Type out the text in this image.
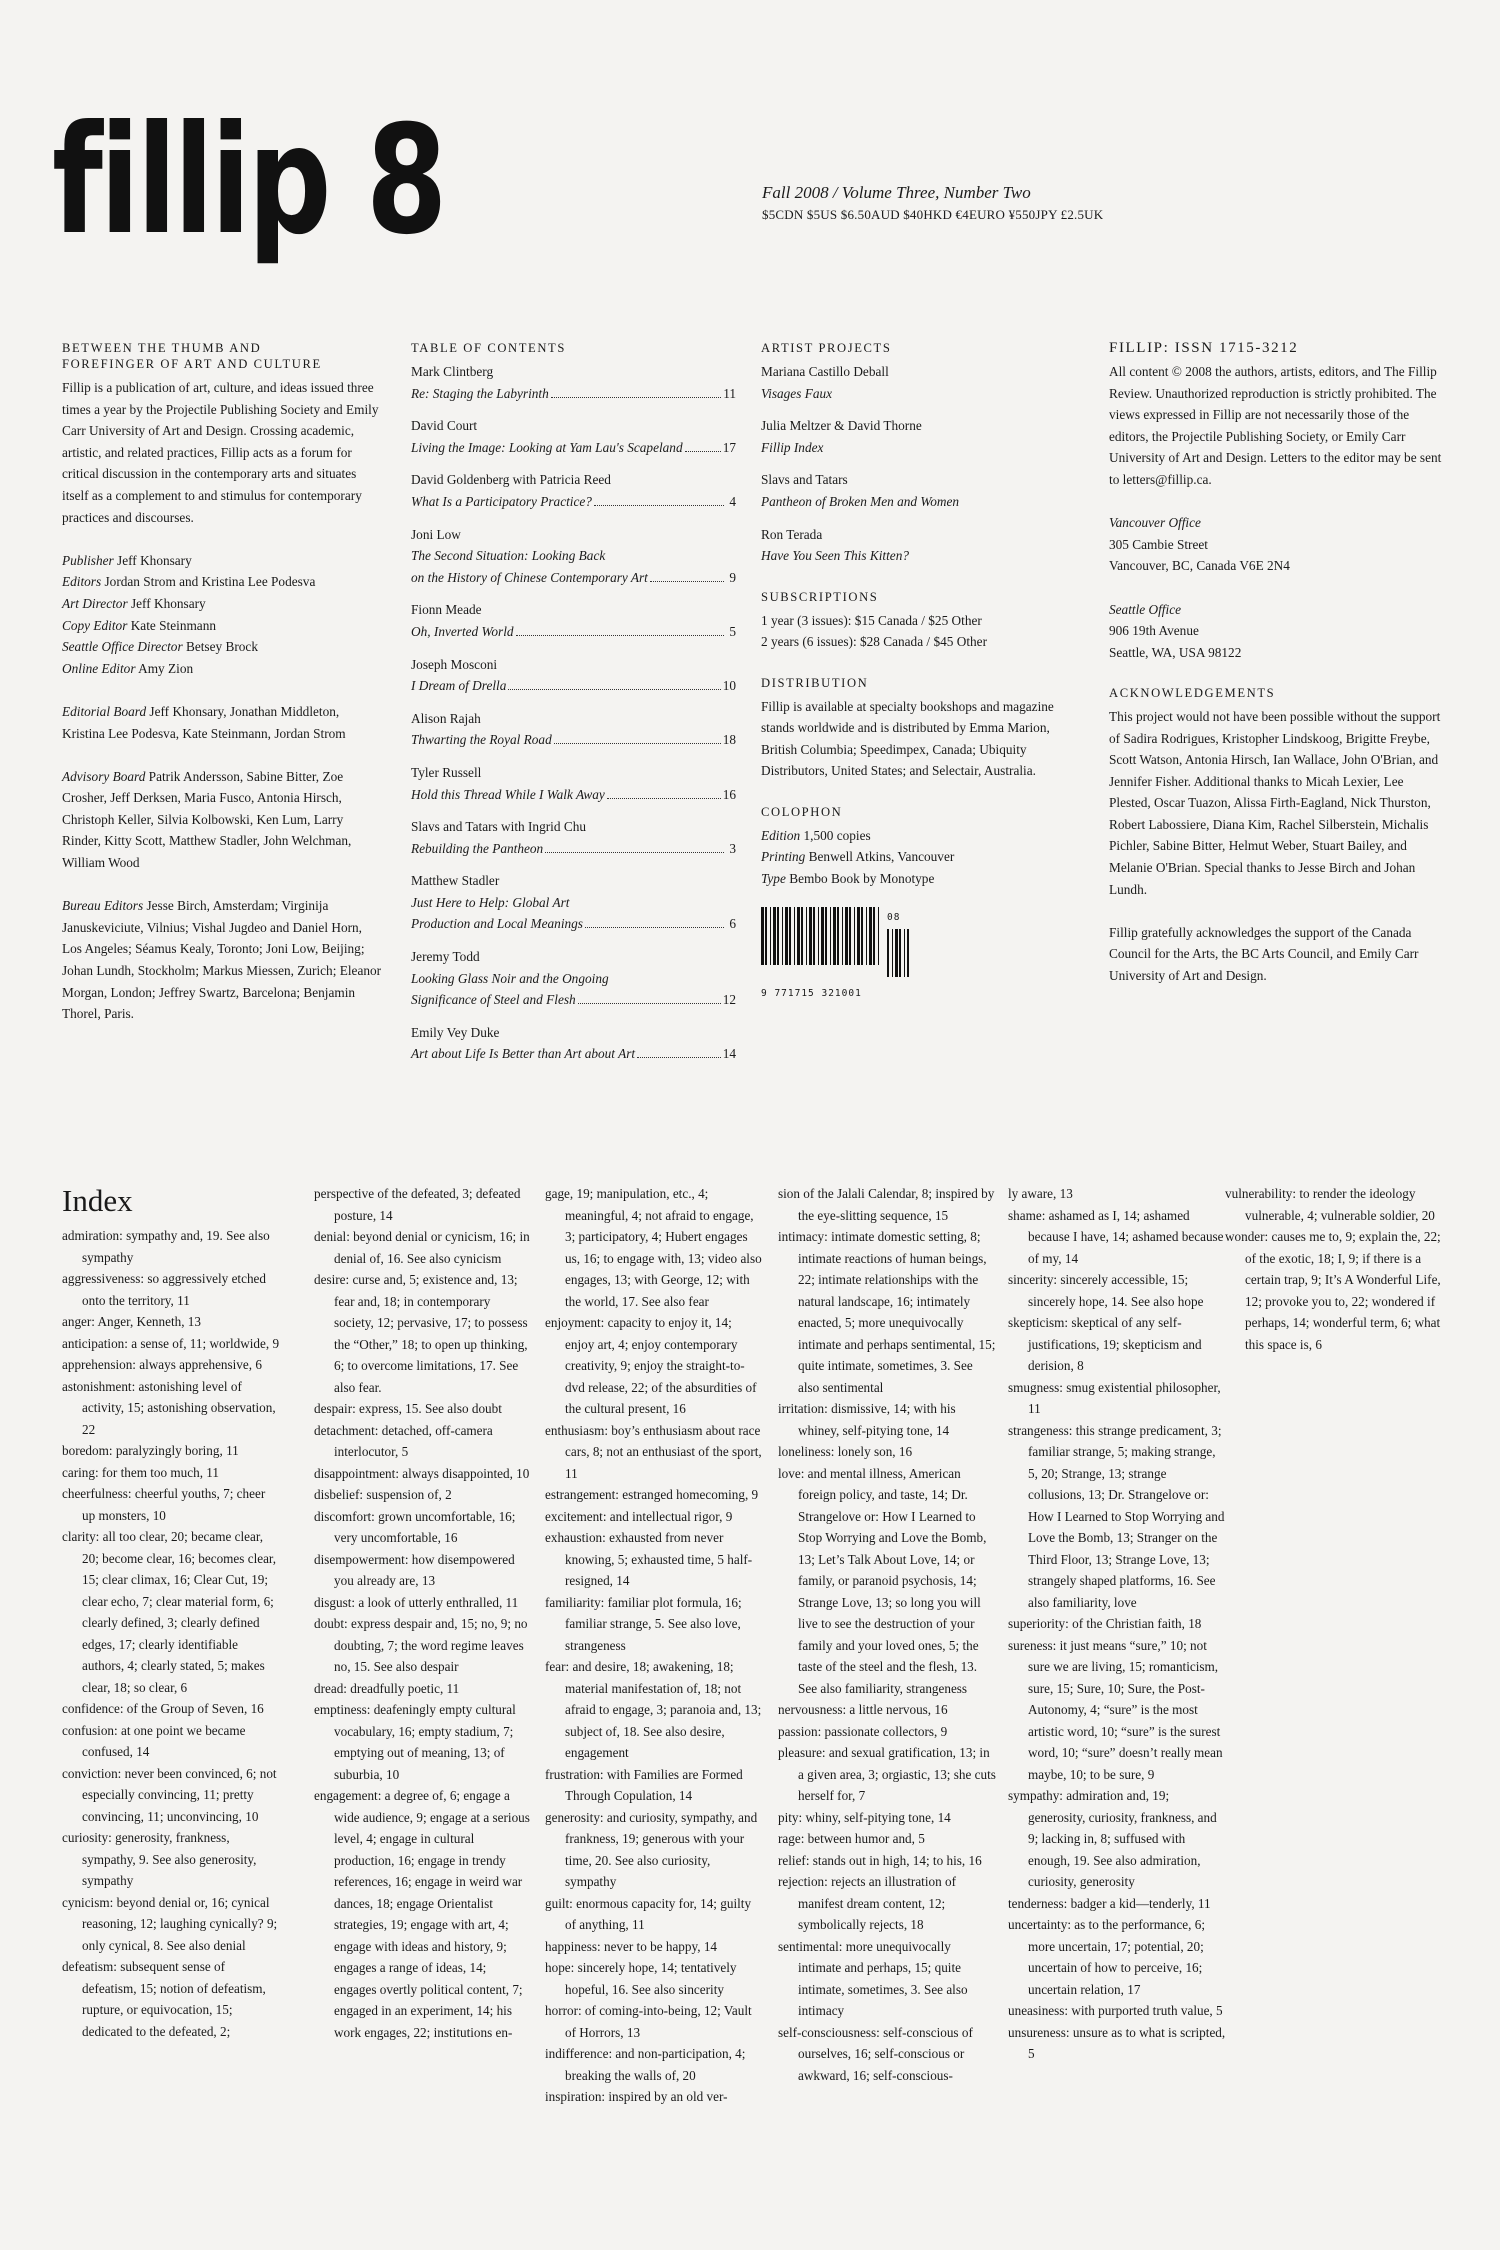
fillip 8	Fall 2008 / Volume Three, Number Two
$5CDN $5US $6.50AUD $40HKD €4EURO ¥550JPY £2.5UK
BETWEEN THE THUMB AND
FOREFINGER OF ART AND CULTURE

Fillip is a publication of art, culture, and ideas issued three times a year by the Projectile Publishing Society and Emily Carr University of Art and Design. Crossing academic, artistic, and related practices, Fillip acts as a forum for critical discussion in the contemporary arts and situates itself as a complement to and stimulus for contemporary practices and discourses.

Publisher Jeff Khonsary

Editors Jordan Strom and Kristina Lee Podesva

Art Director Jeff Khonsary

Copy Editor Kate Steinmann

Seattle Office Director Betsey Brock

Online Editor Amy Zion

Editorial Board Jeff Khonsary, Jonathan Middleton, Kristina Lee Podesva, Kate Steinmann, Jordan Strom

Advisory Board Patrik Andersson, Sabine Bitter, Zoe Crosher, Jeff Derksen, Maria Fusco, Antonia Hirsch, Christoph Keller, Silvia Kolbowski, Ken Lum, Larry Rinder, Kitty Scott, Matthew Stadler, John Welchman, William Wood

Bureau Editors Jesse Birch, Amsterdam; Virginija Januskeviciute, Vilnius; Vishal Jugdeo and Daniel Horn, Los Angeles; Séamus Kealy, Toronto; Joni Low, Beijing; Johan Lundh, Stockholm; Markus Miessen, Zurich; Eleanor Morgan, London; Jeffrey Swartz, Barcelona; Benjamin Thorel, Paris.

TABLE OF CONTENTS

Mark Clintberg

Re: Staging the Labyrinth	11

David Court

Living the Image: Looking at Yam Lau's Scapeland	17

David Goldenberg with Patricia Reed

What Is a Participatory Practice?	4

Joni Low

The Second Situation: Looking Back
on the History of Chinese Contemporary Art	9

Fionn Meade

Oh, Inverted World	5

Joseph Mosconi

I Dream of Drella	10

Alison Rajah

Thwarting the Royal Road	18

Tyler Russell

Hold this Thread While I Walk Away	16

Slavs and Tatars with Ingrid Chu

Rebuilding the Pantheon	3

Matthew Stadler

Just Here to Help: Global Art
Production and Local Meanings	6

Jeremy Todd

Looking Glass Noir and the Ongoing
Significance of Steel and Flesh	12

Emily Vey Duke

Art about Life Is Better than Art about Art	14
ARTIST PROJECTS

Mariana Castillo Deball

Visages Faux

Julia Meltzer & David Thorne

Fillip Index

Slavs and Tatars

Pantheon of Broken Men and Women

Ron Terada

Have You Seen This Kitten?

SUBSCRIPTIONS

1 year (3 issues): $15 Canada / $25 Other

2 years (6 issues): $28 Canada / $45 Other

DISTRIBUTION

Fillip is available at specialty bookshops and magazine stands worldwide and is distributed by Emma Marion, British Columbia; Speedimpex, Canada; Ubiquity Distributors, United States; and Selectair, Australia.

COLOPHON

Edition 1,500 copies

Printing Benwell Atkins, Vancouver

Type Bembo Book by Monotype

08
9 771715 321001
FILLIP: ISSN 1715-3212

All content © 2008 the authors, artists, editors, and The Fillip Review. Unauthorized reproduction is strictly prohibited. The views expressed in Fillip are not necessarily those of the editors, the Projectile Publishing Society, or Emily Carr University of Art and Design. Letters to the editor may be sent to letters@fillip.ca.

Vancouver Office

305 Cambie Street

Vancouver, BC, Canada V6E 2N4

Seattle Office

906 19th Avenue

Seattle, WA, USA 98122

ACKNOWLEDGEMENTS

This project would not have been possible without the support of Sadira Rodrigues, Kristopher Lindskoog, Brigitte Freybe, Scott Watson, Antonia Hirsch, Ian Wallace, John O'Brian, and Jennifer Fisher. Additional thanks to Micah Lexier, Lee Plested, Oscar Tuazon, Alissa Firth-Eagland, Nick Thurston, Robert Labossiere, Diana Kim, Rachel Silberstein, Michalis Pichler, Sabine Bitter, Helmut Weber, Stuart Bailey, and Melanie O'Brian. Special thanks to Jesse Birch and Johan Lundh.

Fillip gratefully acknowledges the support of the Canada Council for the Arts, the BC Arts Council, and Emily Carr University of Art and Design.

Index

admiration: sympathy and, 19. See also sympathy

aggressiveness: so aggressively etched onto the territory, 11

anger: Anger, Kenneth, 13

anticipation: a sense of, 11; worldwide, 9

apprehension: always apprehensive, 6

astonishment: astonishing level of activity, 15; astonishing observation, 22

boredom: paralyzingly boring, 11

caring: for them too much, 11

cheerfulness: cheerful youths, 7; cheer up monsters, 10

clarity: all too clear, 20; became clear, 20; become clear, 16; becomes clear, 15; clear climax, 16; Clear Cut, 19; clear echo, 7; clear material form, 6; clearly defined, 3; clearly defined edges, 17; clearly identifiable authors, 4; clearly stated, 5; makes clear, 18; so clear, 6

confidence: of the Group of Seven, 16

confusion: at one point we became confused, 14

conviction: never been convinced, 6; not especially convincing, 11; pretty convincing, 11; unconvincing, 10

curiosity: generosity, frankness, sympathy, 9. See also generosity, sympathy

cynicism: beyond denial or, 16; cynical reasoning, 12; laughing cynically? 9; only cynical, 8. See also denial

defeatism: subsequent sense of defeatism, 15; notion of defeatism, rupture, or equivocation, 15; dedicated to the defeated, 2;

perspective of the defeated, 3; defeated posture, 14

denial: beyond denial or cynicism, 16; in denial of, 16. See also cynicism

desire: curse and, 5; existence and, 13; fear and, 18; in contemporary society, 12; pervasive, 17; to possess the “Other,” 18; to open up thinking, 6; to overcome limitations, 17. See also fear.

despair: express, 15. See also doubt

detachment: detached, off-camera interlocutor, 5

disappointment: always disappointed, 10

disbelief: suspension of, 2

discomfort: grown uncomfortable, 16; very uncomfortable, 16

disempowerment: how disempowered you already are, 13

disgust: a look of utterly enthralled, 11

doubt: express despair and, 15; no, 9; no doubting, 7; the word regime leaves no, 15. See also despair

dread: dreadfully poetic, 11

emptiness: deafeningly empty cultural vocabulary, 16; empty stadium, 7; emptying out of meaning, 13; of suburbia, 10

engagement: a degree of, 6; engage a wide audience, 9; engage at a serious level, 4; engage in cultural production, 16; engage in trendy references, 16; engage in weird war dances, 18; engage Orientalist strategies, 19; engage with art, 4; engage with ideas and history, 9; engages a range of ideas, 14; engages overtly political content, 7; engaged in an experiment, 14; his work engages, 22; institutions en-

gage, 19; manipulation, etc., 4; meaningful, 4; not afraid to engage, 3; participatory, 4; Hubert engages us, 16; to engage with, 13; video also engages, 13; with George, 12; with the world, 17. See also fear

enjoyment: capacity to enjoy it, 14; enjoy art, 4; enjoy contemporary creativity, 9; enjoy the straight-to-dvd release, 22; of the absurdities of the cultural present, 16

enthusiasm: boy’s enthusiasm about race cars, 8; not an enthusiast of the sport, 11

estrangement: estranged homecoming, 9

excitement: and intellectual rigor, 9

exhaustion: exhausted from never knowing, 5; exhausted time, 5 half-resigned, 14

familiarity: familiar plot formula, 16; familiar strange, 5. See also love, strangeness

fear: and desire, 18; awakening, 18; material manifestation of, 18; not afraid to engage, 3; paranoia and, 13; subject of, 18. See also desire, engagement

frustration: with Families are Formed Through Copulation, 14

generosity: and curiosity, sympathy, and frankness, 19; generous with your time, 20. See also curiosity, sympathy

guilt: enormous capacity for, 14; guilty of anything, 11

happiness: never to be happy, 14

hope: sincerely hope, 14; tentatively hopeful, 16. See also sincerity

horror: of coming-into-being, 12; Vault of Horrors, 13

indifference: and non-participation, 4; breaking the walls of, 20

inspiration: inspired by an old ver-

sion of the Jalali Calendar, 8; inspired by the eye-slitting sequence, 15

intimacy: intimate domestic setting, 8; intimate reactions of human beings, 22; intimate relationships with the natural landscape, 16; intimately enacted, 5; more unequivocally intimate and perhaps sentimental, 15; quite intimate, sometimes, 3. See also sentimental

irritation: dismissive, 14; with his whiney, self-pitying tone, 14

loneliness: lonely son, 16

love: and mental illness, American foreign policy, and taste, 14; Dr. Strangelove or: How I Learned to Stop Worrying and Love the Bomb, 13; Let’s Talk About Love, 14; or family, or paranoid psychosis, 14; Strange Love, 13; so long you will live to see the destruction of your family and your loved ones, 5; the taste of the steel and the flesh, 13. See also familiarity, strangeness

nervousness: a little nervous, 16

passion: passionate collectors, 9

pleasure: and sexual gratification, 13; in a given area, 3; orgiastic, 13; she cuts herself for, 7

pity: whiny, self-pitying tone, 14

rage: between humor and, 5

relief: stands out in high, 14; to his, 16

rejection: rejects an illustration of manifest dream content, 12; symbolically rejects, 18

sentimental: more unequivocally intimate and perhaps, 15; quite intimate, sometimes, 3. See also intimacy

self-consciousness: self-conscious of ourselves, 16; self-conscious or awkward, 16; self-conscious-

ly aware, 13

shame: ashamed as I, 14; ashamed because I have, 14; ashamed because of my, 14

sincerity: sincerely accessible, 15; sincerely hope, 14. See also hope

skepticism: skeptical of any self-justifications, 19; skepticism and derision, 8

smugness: smug existential philosopher, 11

strangeness: this strange predicament, 3; familiar strange, 5; making strange, 5, 20; Strange, 13; strange collusions, 13; Dr. Strangelove or: How I Learned to Stop Worrying and Love the Bomb, 13; Stranger on the Third Floor, 13; Strange Love, 13; strangely shaped platforms, 16. See also familiarity, love

superiority: of the Christian faith, 18

sureness: it just means “sure,” 10; not sure we are living, 15; romanticism, sure, 15; Sure, 10; Sure, the Post-Autonomy, 4; “sure” is the most artistic word, 10; “sure” is the surest word, 10; “sure” doesn’t really mean maybe, 10; to be sure, 9

sympathy: admiration and, 19; generosity, curiosity, frankness, and 9; lacking in, 8; suffused with enough, 19. See also admiration, curiosity, generosity

tenderness: badger a kid—tenderly, 11

uncertainty: as to the performance, 6; more uncertain, 17; potential, 20; uncertain of how to perceive, 16; uncertain relation, 17

uneasiness: with purported truth value, 5

unsureness: unsure as to what is scripted, 5

vulnerability: to render the ideology vulnerable, 4; vulnerable soldier, 20

wonder: causes me to, 9; explain the, 22; of the exotic, 18; I, 9; if there is a certain trap, 9; It’s A Wonderful Life, 12; provoke you to, 22; wondered if perhaps, 14; wonderful term, 6; what this space is, 6
